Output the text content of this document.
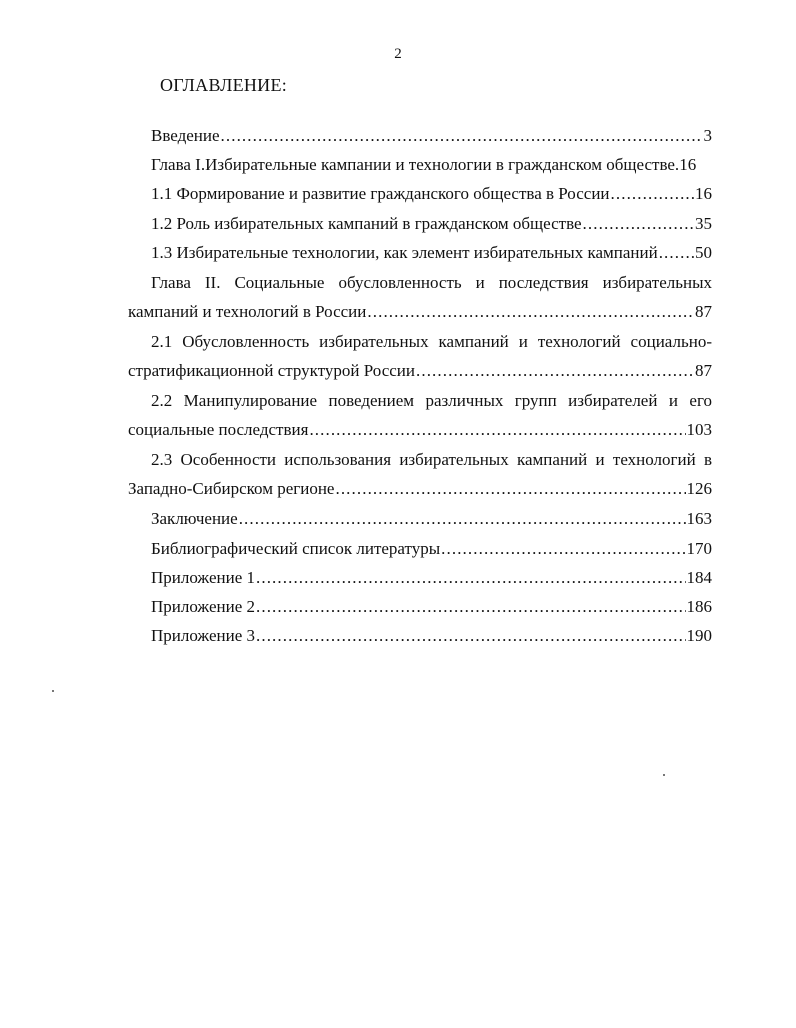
2
ОГЛАВЛЕНИЕ:
Введение .....	3
Глава I.Избирательные кампании и технологии в гражданском обществе. 16
1.1 Формирование и развитие гражданского общества в России .....	16
1.2 Роль избирательных кампаний в гражданском обществе .....	35
1.3 Избирательные технологии, как элемент избирательных кампаний ..... 50
Глава II. Социальные обусловленность и последствия избирательных
кампаний и технологий в России .....	87
2.1 Обусловленность избирательных кампаний и технологий социально-
стратификационной структурой России .....	87
2.2 Манипулирование поведением различных групп избирателей и его
социальные последствия .....	103
2.3 Особенности использования избирательных кампаний и технологий в
Западно-Сибирском регионе .....	126
Заключение .....	163
Библиографический список литературы .....	170
Приложение 1 .....	184
Приложение 2 .....	186
Приложение 3 .....	190
